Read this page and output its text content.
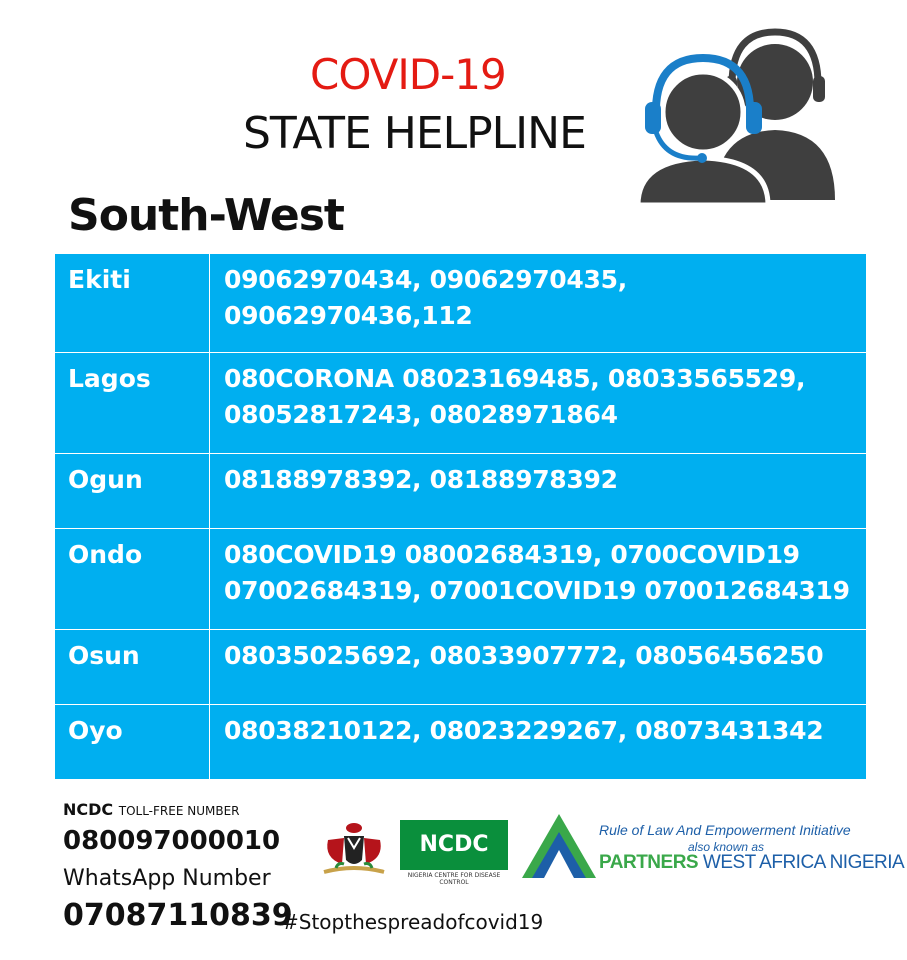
COVID-19
STATE HELPLINE
South-West
Ekiti	09062970434, 09062970435, 09062970436,112

Lagos	080CORONA 08023169485, 08033565529,
08052817243, 08028971864

Ogun	08188978392, 08188978392

Ondo	080COVID19 08002684319, 0700COVID19
07002684319, 07001COVID19 070012684319

Osun	08035025692, 08033907772, 08056456250

Oyo	08038210122, 08023229267, 08073431342
NCDC TOLL-FREE NUMBER
080097000010
WhatsApp Number
07087110839
#Stopthespreadofcovid19
NCDC
NIGERIA CENTRE FOR DISEASE CONTROL
Rule of Law And Empowerment Initiative
also known as
PARTNERS WEST AFRICA NIGERIA
